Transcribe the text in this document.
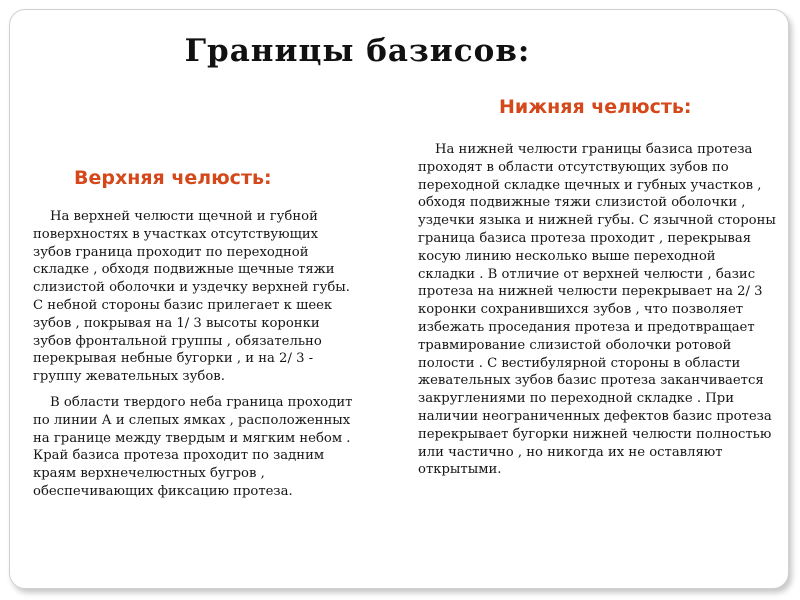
Границы базисов:
Нижняя челюсть:
Верхняя челюсть:

На верхней челюсти щечной и губной поверхностях в участках отсутствующих зубов граница проходит по переходной складке , обходя подвижные щечные тяжи слизистой оболочки и уздечку верхней губы. С небной стороны базис прилегает к шеек зубов , покрывая на 1/ 3 высоты коронки зубов фронтальной группы , обязательно перекрывая небные бугорки , и на 2/ 3 - группу жевательных зубов.

В области твердого неба граница проходит по линии А и слепых ямках , расположенных на границе между твердым и мягким небом . Край базиса протеза проходит по задним краям верхнечелюстных бугров , обеспечивающих фиксацию протеза.

На нижней челюсти границы базиса протеза проходят в области отсутствующих зубов по переходной складке щечных и губных участков , обходя подвижные тяжи слизистой оболочки , уздечки языка и нижней губы. С язычной стороны граница базиса протеза проходит , перекрывая косую линию несколько выше переходной складки . В отличие от верхней челюсти , базис протеза на нижней челюсти перекрывает на 2/ 3 коронки сохранившихся зубов , что позволяет избежать проседания протеза и предотвращает травмирование слизистой оболочки ротовой полости . С вестибулярной стороны в области жевательных зубов базис протеза заканчивается закруглениями по переходной складке . При наличии неограниченных дефектов базис протеза перекрывает бугорки нижней челюсти полностью или частично , но никогда их не оставляют открытыми.
